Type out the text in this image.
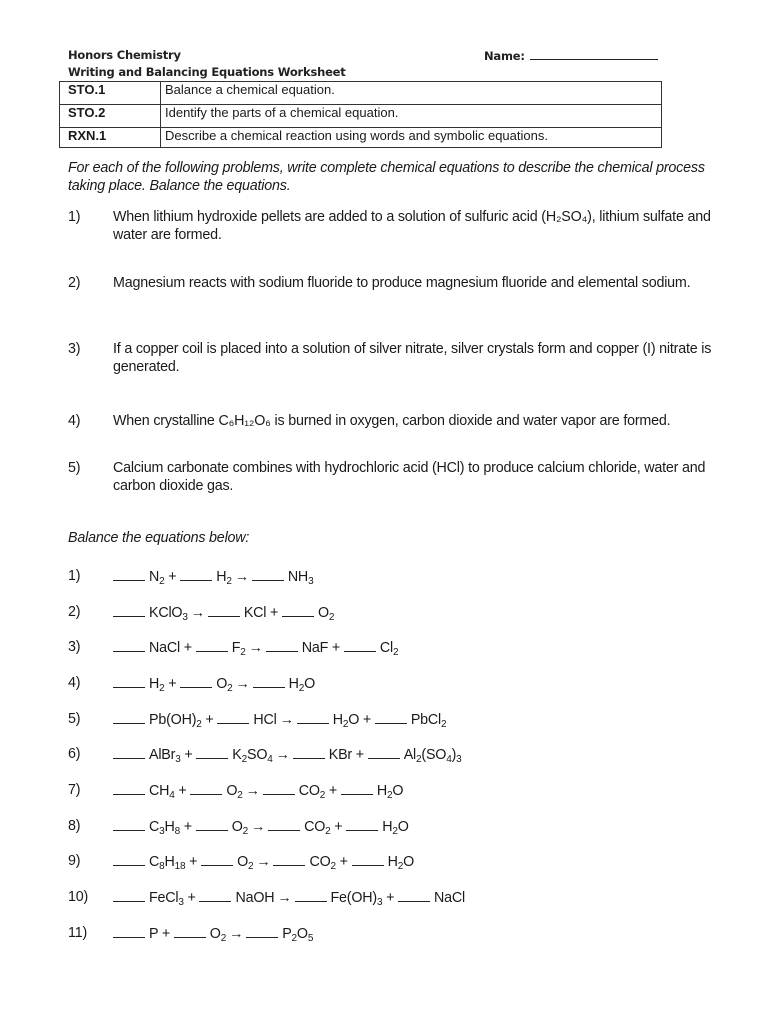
Honors Chemistry
Writing and Balancing Equations Worksheet
Name:
STO.1	Balance a chemical equation.
STO.2	Identify the parts of a chemical equation.
RXN.1	Describe a chemical reaction using words and symbolic equations.
For each of the following problems, write complete chemical equations to describe the chemical process taking place. Balance the equations.
1) When lithium hydroxide pellets are added to a solution of sulfuric acid (H₂SO₄), lithium sulfate and water are formed.
2) Magnesium reacts with sodium fluoride to produce magnesium fluoride and elemental sodium.
3) If a copper coil is placed into a solution of silver nitrate, silver crystals form and copper (I) nitrate is generated.
4) When crystalline C₆H₁₂O₆ is burned in oxygen, carbon dioxide and water vapor are formed.
5) Calcium carbonate combines with hydrochloric acid (HCl) to produce calcium chloride, water and carbon dioxide gas.
Balance the equations below:
1)	$N_2$ +	$H_2\to$	$NH_3$
2)	KClO$_3$→	KCl +	$O_2$
3)	NaCl +	$F_2\to$	NaF +	$Cl_2$
4)	$H_2$ +	$O_2\to$	$H_2O$
5)	$Pb(OH)_2$ +	HCl→	$H_2O$ +	PbCl$_2$
6)	AlBr$_3$ +	$K_2SO_4\to$	KBr +	$Al_2(SO_4)_3$
7)	$CH_4$ +	$O_2\to$	$CO_2$ +	$H_2O$
8)	$C_3H_8$ +	$O_2\to$	$CO_2$ +	$H_2O$
9)	$C_8H_{18}$ +	$O_2\to$	$CO_2$ +	$H_2O$
10)	FeCl$_3$ +	NaOH→	$Fe(OH)_3$ +	NaCl
11)	P +	$O_2\to$	$P_2O_5$
